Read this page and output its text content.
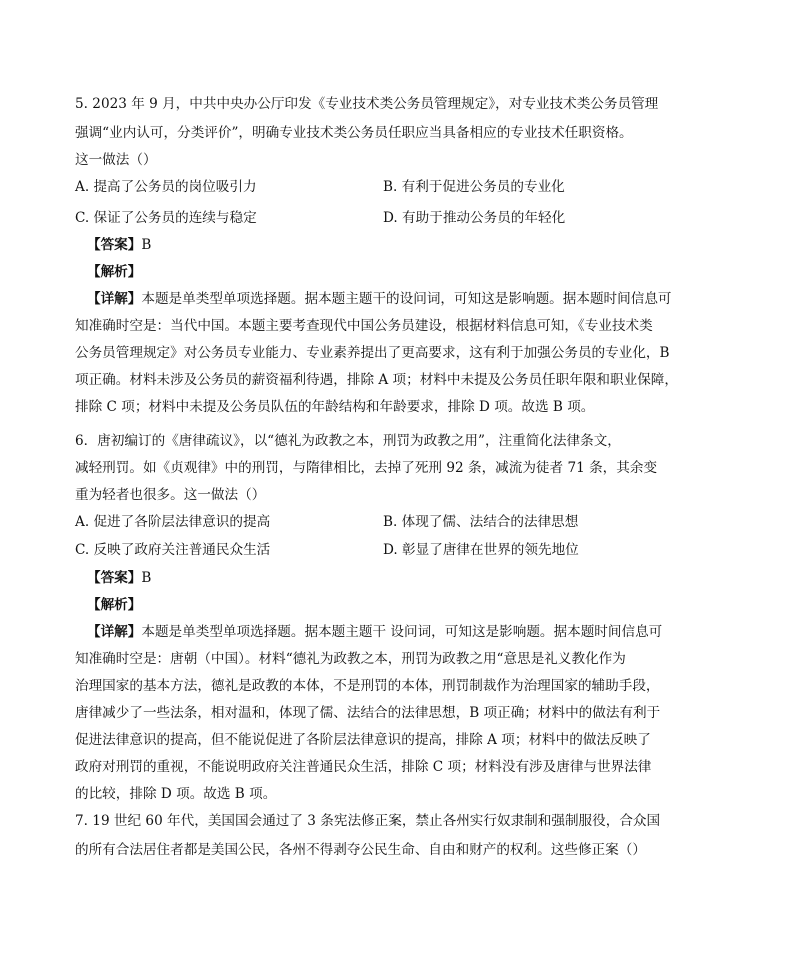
5. 2023 年 9 月，中共中央办公厅印发《专业技术类公务员管理规定》，对专业技术类公务员管理
强调“业内认可，分类评价”，明确专业技术类公务员任职应当具备相应的专业技术任职资格。
这一做法（）
A. 提高了公务员的岗位吸引力	B. 有利于促进公务员的专业化
C. 保证了公务员的连续与稳定	D. 有助于推动公务员的年轻化
【答案】B
【解析】
【详解】本题是单类型单项选择题。据本题主题干的设问词，可知这是影响题。据本题时间信息可
知准确时空是：当代中国。本题主要考查现代中国公务员建设，根据材料信息可知，《专业技术类
公务员管理规定》对公务员专业能力、专业素养提出了更高要求，这有利于加强公务员的专业化，B
项正确。材料未涉及公务员的薪资福利待遇，排除 A 项；材料中未提及公务员任职年限和职业保障，
排除 C 项；材料中未提及公务员队伍的年龄结构和年龄要求，排除 D 项。故选 B 项。
6．唐初编订的《唐律疏议》，以“德礼为政教之本，刑罚为政教之用”，注重简化法律条文，
减轻刑罚。如《贞观律》中的刑罚，与隋律相比，去掉了死刑 92 条，减流为徒者 71 条，其余变
重为轻者也很多。这一做法（）
A. 促进了各阶层法律意识的提高	B. 体现了儒、法结合的法律思想
C. 反映了政府关注普通民众生活	D. 彰显了唐律在世界的领先地位
【答案】B
【解析】
【详解】本题是单类型单项选择题。据本题主题干 设问词，可知这是影响题。据本题时间信息可
知准确时空是：唐朝（中国）。材料“德礼为政教之本，刑罚为政教之用“意思是礼义教化作为
治理国家的基本方法，德礼是政教的本体，不是刑罚的本体，刑罚制裁作为治理国家的辅助手段，
唐律减少了一些法条，相对温和，体现了儒、法结合的法律思想，B 项正确；材料中的做法有利于
促进法律意识的提高，但不能说促进了各阶层法律意识的提高，排除 A 项；材料中的做法反映了
政府对刑罚的重视，不能说明政府关注普通民众生活，排除 C 项；材料没有涉及唐律与世界法律
的比较，排除 D 项。故选 B 项。
7. 19 世纪 60 年代，美国国会通过了 3 条宪法修正案，禁止各州实行奴隶制和强制服役，合众国
的所有合法居住者都是美国公民，各州不得剥夺公民生命、自由和财产的权利。这些修正案（）
